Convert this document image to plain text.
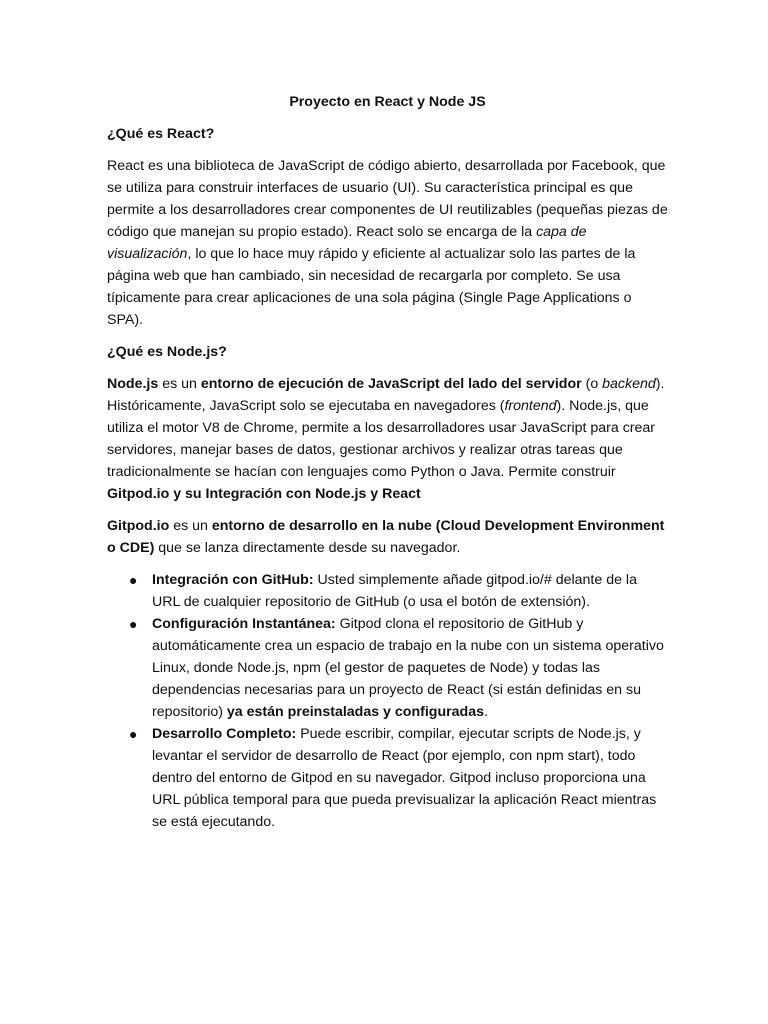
Proyecto en React y Node JS
¿Qué es React?

React es una biblioteca de JavaScript de código abierto, desarrollada por Facebook, que se utiliza para construir interfaces de usuario (UI). Su característica principal es que permite a los desarrolladores crear componentes de UI reutilizables (pequeñas piezas de código que manejan su propio estado). React solo se encarga de la capa de visualización, lo que lo hace muy rápido y eficiente al actualizar solo las partes de la página web que han cambiado, sin necesidad de recargarla por completo. Se usa típicamente para crear aplicaciones de una sola página (Single Page Applications o SPA).

¿Qué es Node.js?

Node.js es un entorno de ejecución de JavaScript del lado del servidor (o backend). Históricamente, JavaScript solo se ejecutaba en navegadores (frontend). Node.js, que utiliza el motor V8 de Chrome, permite a los desarrolladores usar JavaScript para crear servidores, manejar bases de datos, gestionar archivos y realizar otras tareas que tradicionalmente se hacían con lenguajes como Python o Java. Permite construir Gitpod.io y su Integración con Node.js y React

Gitpod.io es un entorno de desarrollo en la nube (Cloud Development Environment o CDE) que se lanza directamente desde su navegador.

● Integración con GitHub: Usted simplemente añade gitpod.io/# delante de la URL de cualquier repositorio de GitHub (o usa el botón de extensión).
● Configuración Instantánea: Gitpod clona el repositorio de GitHub y automáticamente crea un espacio de trabajo en la nube con un sistema operativo Linux, donde Node.js, npm (el gestor de paquetes de Node) y todas las dependencias necesarias para un proyecto de React (si están definidas en su repositorio) ya están preinstaladas y configuradas.
● Desarrollo Completo: Puede escribir, compilar, ejecutar scripts de Node.js, y levantar el servidor de desarrollo de React (por ejemplo, con npm start), todo dentro del entorno de Gitpod en su navegador. Gitpod incluso proporciona una URL pública temporal para que pueda previsualizar la aplicación React mientras se está ejecutando.
